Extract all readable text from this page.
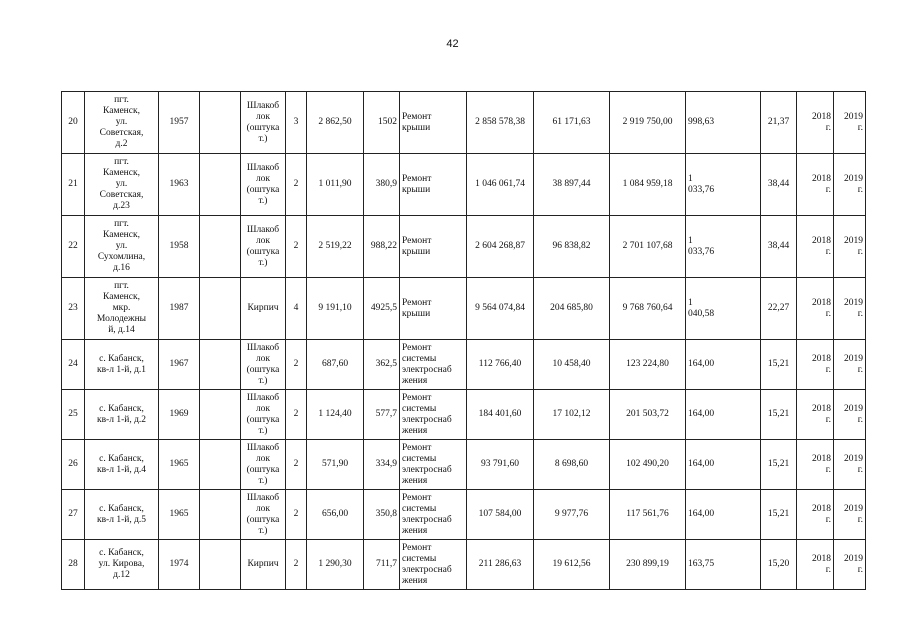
42
20	пгт.
Каменск,
ул.
Советская,
д.2	1957		Шлакоб
лок
(оштука
т.)	3	2 862,50	1502	Ремонт
крыши	2 858 578,38	61 171,63	2 919 750,00	998,63	21,37	2018
г.	2019
г.
21	пгт.
Каменск,
ул.
Советская,
д.23	1963		Шлакоб
лок
(оштука
т.)	2	1 011,90	380,9	Ремонт
крыши	1 046 061,74	38 897,44	1 084 959,18	1
033,76	38,44	2018
г.	2019
г.
22	пгт.
Каменск,
ул.
Сухомлина,
д.16	1958		Шлакоб
лок
(оштука
т.)	2	2 519,22	988,22	Ремонт
крыши	2 604 268,87	96 838,82	2 701 107,68	1
033,76	38,44	2018
г.	2019
г.
23	пгт.
Каменск,
мкр.
Молодежны
й, д.14	1987		Кирпич	4	9 191,10	4925,5	Ремонт
крыши	9 564 074,84	204 685,80	9 768 760,64	1
040,58	22,27	2018
г.	2019
г.
24	с. Кабанск,
кв-л 1-й, д.1	1967		Шлакоб
лок
(оштука
т.)	2	687,60	362,5	Ремонт
системы
электроснаб
жения	112 766,40	10 458,40	123 224,80	164,00	15,21	2018
г.	2019
г.
25	с. Кабанск,
кв-л 1-й, д.2	1969		Шлакоб
лок
(оштука
т.)	2	1 124,40	577,7	Ремонт
системы
электроснаб
жения	184 401,60	17 102,12	201 503,72	164,00	15,21	2018
г.	2019
г.
26	с. Кабанск,
кв-л 1-й, д.4	1965		Шлакоб
лок
(оштука
т.)	2	571,90	334,9	Ремонт
системы
электроснаб
жения	93 791,60	8 698,60	102 490,20	164,00	15,21	2018
г.	2019
г.
27	с. Кабанск,
кв-л 1-й, д.5	1965		Шлакоб
лок
(оштука
т.)	2	656,00	350,8	Ремонт
системы
электроснаб
жения	107 584,00	9 977,76	117 561,76	164,00	15,21	2018
г.	2019
г.
28	с. Кабанск,
ул. Кирова,
д.12	1974		Кирпич	2	1 290,30	711,7	Ремонт
системы
электроснаб
жения	211 286,63	19 612,56	230 899,19	163,75	15,20	2018
г.	2019
г.
